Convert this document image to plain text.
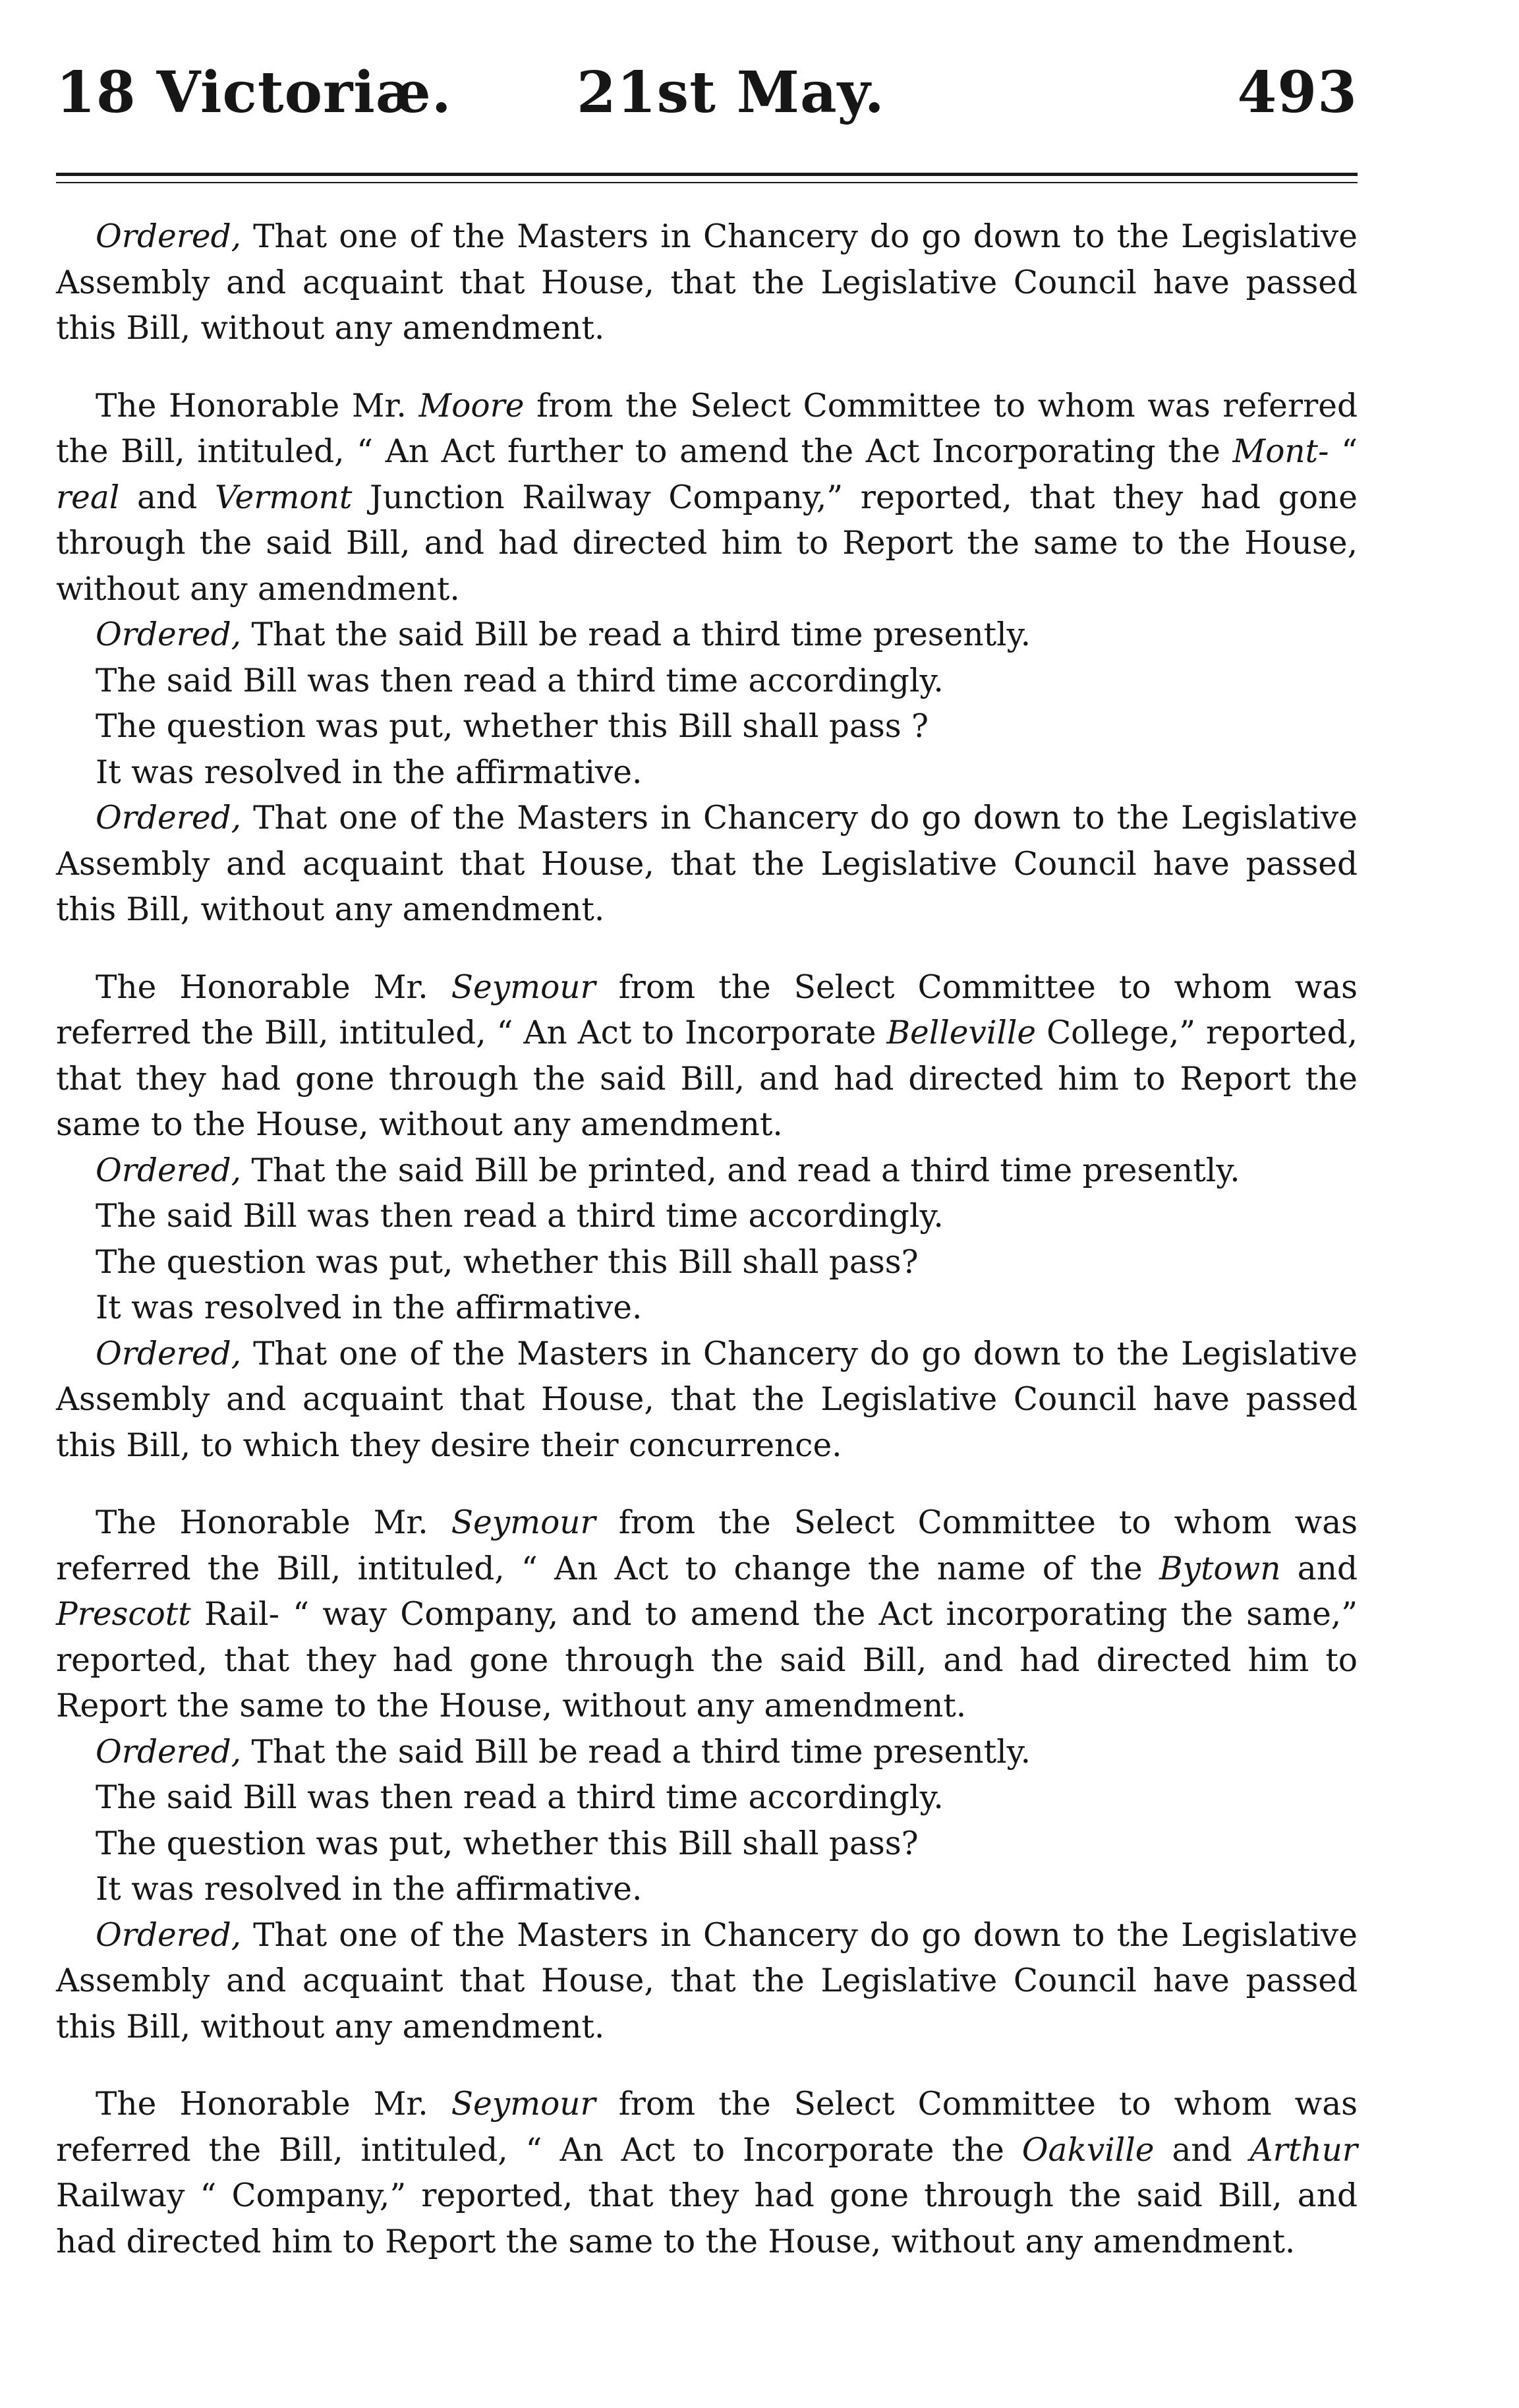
18 Victoriæ. 21st May.	493

Ordered, That one of the Masters in Chancery do go down to the Legislative Assembly and acquaint that House, that the Legislative Council have passed this Bill, without any amendment.

The Honorable Mr. Moore from the Select Committee to whom was referred the Bill, intituled, “ An Act further to amend the Act Incorporating the Mont- “ real and Vermont Junction Railway Company,” reported, that they had gone through the said Bill, and had directed him to Report the same to the House, without any amendment.

Ordered, That the said Bill be read a third time presently.

The said Bill was then read a third time accordingly.

The question was put, whether this Bill shall pass ?

It was resolved in the affirmative.

Ordered, That one of the Masters in Chancery do go down to the Legislative Assembly and acquaint that House, that the Legislative Council have passed this Bill, without any amendment.

The Honorable Mr. Seymour from the Select Committee to whom was referred the Bill, intituled, “ An Act to Incorporate Belleville College,” reported, that they had gone through the said Bill, and had directed him to Report the same to the House, without any amendment.

Ordered, That the said Bill be printed, and read a third time presently.

The said Bill was then read a third time accordingly.

The question was put, whether this Bill shall pass?

It was resolved in the affirmative.

Ordered, That one of the Masters in Chancery do go down to the Legislative Assembly and acquaint that House, that the Legislative Council have passed this Bill, to which they desire their concurrence.

The Honorable Mr. Seymour from the Select Committee to whom was referred the Bill, intituled, “ An Act to change the name of the Bytown and Prescott Rail- “ way Company, and to amend the Act incorporating the same,” reported, that they had gone through the said Bill, and had directed him to Report the same to the House, without any amendment.

Ordered, That the said Bill be read a third time presently.

The said Bill was then read a third time accordingly.

The question was put, whether this Bill shall pass?

It was resolved in the affirmative.

Ordered, That one of the Masters in Chancery do go down to the Legislative Assembly and acquaint that House, that the Legislative Council have passed this Bill, without any amendment.

The Honorable Mr. Seymour from the Select Committee to whom was referred the Bill, intituled, “ An Act to Incorporate the Oakville and Arthur Railway “ Company,” reported, that they had gone through the said Bill, and had directed him to Report the same to the House, without any amendment.
